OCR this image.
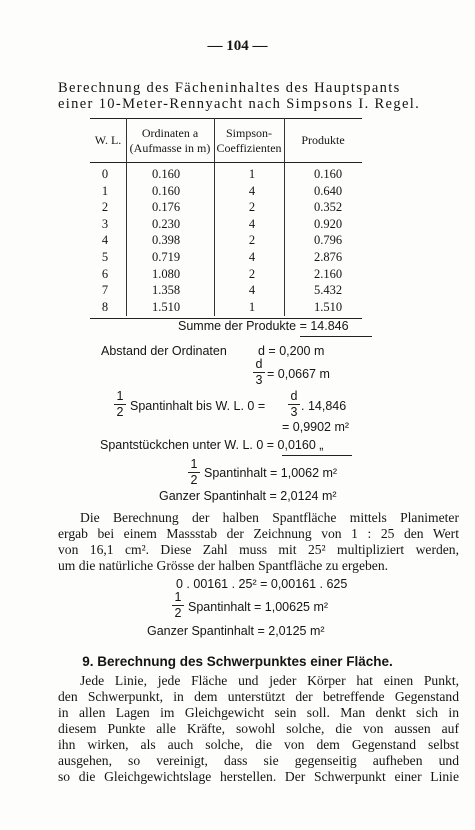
— 104 —
Berechnung des Fächeninhaltes des Hauptspants
einer 10-Meter-Rennyacht nach Simpsons I. Regel.
W. L.	Ordinaten a
(Aufmasse in m)
Simpson-
Coeffizienten
Produkte
0
1
2
3
4
5
6
7
8
0.160
0.160
0.176
0.230
0.398
0.719
1.080
1.358
1.510
1
4
2
4
2
4
2
4
1
0.160
0.640
0.352
0.920
0.796
2.876
2.160
5.432
1.510
Summe der Produkte = 14.846
Abstand der Ordinaten d = 0,200 m
d
3 = 0,0667 m
1
2 Spantinhalt bis W. L. 0 =
d
3 . 14,846
= 0,9902 m²
Spantstückchen unter W. L. 0 = 0,0160 „
1
2 Spantinhalt = 1,0062 m²
Ganzer Spantinhalt = 2,0124 m²
Die Berechnung der halben Spantfläche mittels Planimeter
ergab bei einem Massstab der Zeichnung von 1 : 25 den Wert
von 16,1 cm². Diese Zahl muss mit 25² multipliziert werden,
um die natürliche Grösse der halben Spantfläche zu ergeben.
0 . 00161 . 25² = 0,00161 . 625
1
2 Spantinhalt = 1,00625 m²
Ganzer Spantinhalt = 2,0125 m²
9. Berechnung des Schwerpunktes einer Fläche.
Jede Linie, jede Fläche und jeder Körper hat einen Punkt,
den Schwerpunkt, in dem unterstützt der betreffende Gegenstand
in allen Lagen im Gleichgewicht sein soll. Man denkt sich in
diesem Punkte alle Kräfte, sowohl solche, die von aussen auf
ihn wirken, als auch solche, die von dem Gegenstand selbst
ausgehen, so vereinigt, dass sie gegenseitig aufheben und
so die Gleichgewichtslage herstellen. Der Schwerpunkt einer Linie
